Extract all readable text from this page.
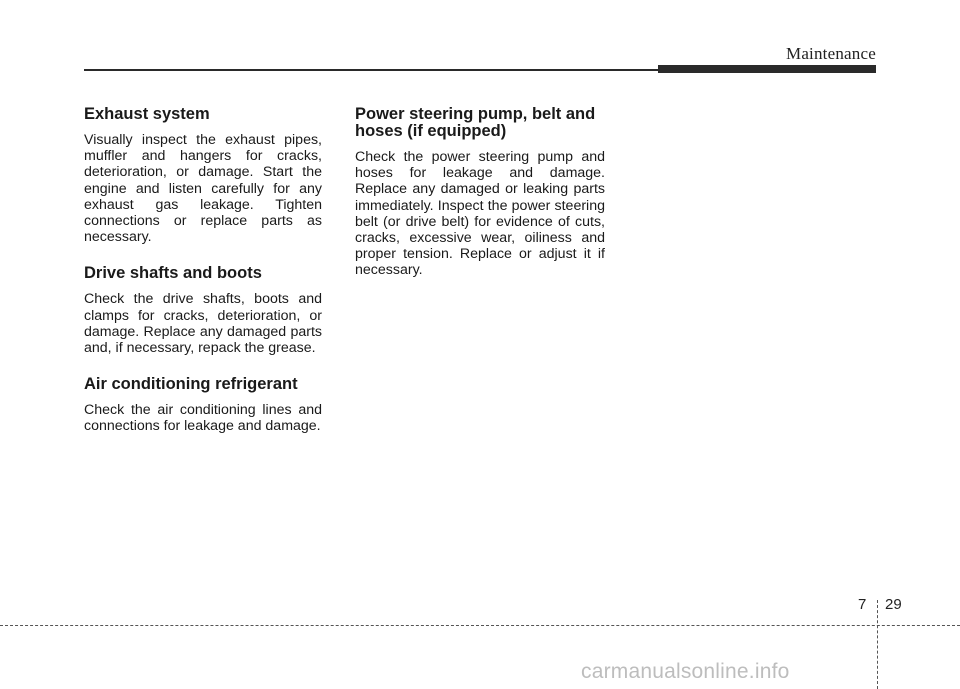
Maintenance
Exhaust system

Visually inspect the exhaust pipes, muffler and hangers for cracks, deterioration, or damage. Start the engine and listen carefully for any exhaust gas leakage. Tighten connections or replace parts as necessary.

Drive shafts and boots

Check the drive shafts, boots and clamps for cracks, deterioration, or damage. Replace any damaged parts and, if necessary, repack the grease.

Air conditioning refrigerant

Check the air conditioning lines and connections for leakage and damage.

Power steering pump, belt and hoses (if equipped)

Check the power steering pump and hoses for leakage and damage. Replace any damaged or leaking parts immediately. Inspect the power steering belt (or drive belt) for evidence of cuts, cracks, excessive wear, oiliness and proper tension. Replace or adjust it if necessary.

7 29
carmanualsonline.info
